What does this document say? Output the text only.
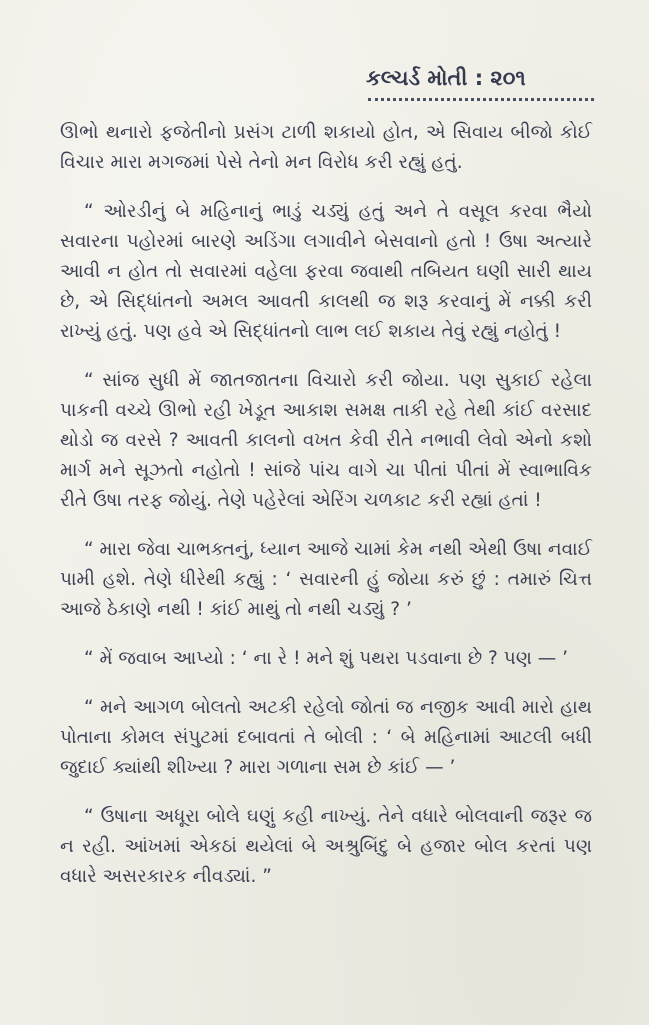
કલ્ચર્ડ મોતી : ૨૦૧

ઊભો થનારો ફજેતીનો પ્રસંગ ટાળી શકાયો હોત, એ સિવાય બીજો કોઈ વિચાર મારા મગજમાં પેસે તેનો મન વિરોધ કરી રહ્યું હતું.

“ ઓરડીનું બે મહિનાનું ભાડું ચડ્યું હતું અને તે વસૂલ કરવા ભૈયો સવારના પહોરમાં બારણે અડિંગા લગાવીને બેસવાનો હતો ! ઉષા અત્યારે આવી ન હોત તો સવારમાં વહેલા ફરવા જવાથી તબિયત ઘણી સારી થાય છે, એ સિદ્ધાંતનો અમલ આવતી કાલથી જ શરૂ કરવાનું મેં નક્કી કરી રાખ્યું હતું. પણ હવે એ સિદ્ધાંતનો લાભ લઈ શકાય તેવું રહ્યું નહોતું !

“ સાંજ સુધી મેં જાતજાતના વિચારો કરી જોયા. પણ સુકાઈ રહેલા પાકની વચ્ચે ઊભો રહી ખેડૂત આકાશ સમક્ષ તાકી રહે તેથી કાંઈ વરસાદ થોડો જ વરસે ? આવતી કાલનો વખત કેવી રીતે નભાવી લેવો એનો કશો માર્ગ મને સૂઝતો નહોતો ! સાંજે પાંચ વાગે ચા પીતાં પીતાં મેં સ્વાભાવિક રીતે ઉષા તરફ જોયું. તેણે પહેરેલાં એરિંગ ચળકાટ કરી રહ્યાં હતાં !

“ મારા જેવા ચાભક્તનું, ધ્યાન આજે ચામાં કેમ નથી એથી ઉષા નવાઈ પામી હશે. તેણે ધીરેથી કહ્યું : ‘ સવારની હું જોયા કરું છું : તમારું ચિત્ત આજે ઠેકાણે નથી ! કાંઈ માથું તો નથી ચડ્યું ? ’

“ મેં જવાબ આપ્યો : ‘ ના રે ! મને શું પથરા પડવાના છે ? પણ — ’

“ મને આગળ બોલતો અટકી રહેલો જોતાં જ નજીક આવી મારો હાથ પોતાના કોમલ સંપુટમાં દબાવતાં તે બોલી : ‘ બે મહિનામાં આટલી બધી જુદાઈ ક્યાંથી શીખ્યા ? મારા ગળાના સમ છે કાંઈ — ’

“ ઉષાના અધૂરા બોલે ઘણું કહી નાખ્યું. તેને વધારે બોલવાની જરૂર જ ન રહી. આંખમાં એકઠાં થયેલાં બે અશ્રુબિંદુ બે હજાર બોલ કરતાં પણ વધારે અસરકારક નીવડ્યાં. ”
